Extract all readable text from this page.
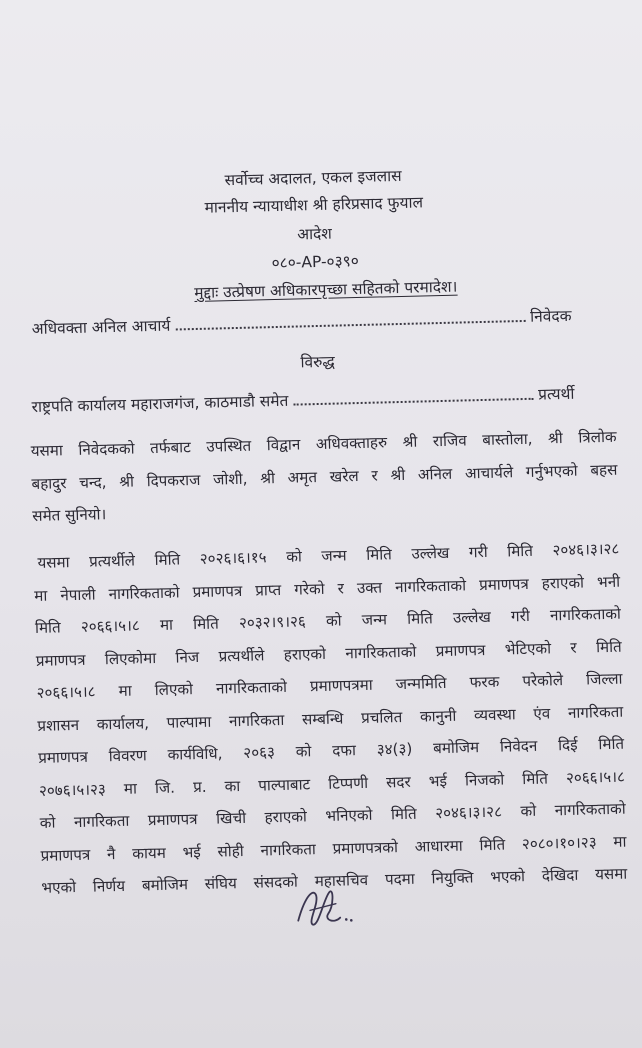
सर्वोच्च अदालत, एकल इजलास
माननीय न्यायाधीश श्री हरिप्रसाद फुयाल
आदेश
०८०-AP-०३९०
मुद्दाः उत्प्रेषण अधिकारपृच्छा सहितको परमादेश।
अधिवक्ता अनिल आचार्य  निवेदक
विरुद्ध
राष्ट्रपति कार्यालय महाराजगंज, काठमाडौ समेत	प्रत्यर्थी
यसमा निवेदकको तर्फबाट उपस्थित विद्वान अधिवक्ताहरु श्री राजिव बास्तोला, श्री त्रिलोक
बहादुर चन्द, श्री दिपकराज जोशी, श्री अमृत खरेल र श्री अनिल आचार्यले गर्नुभएको बहस
समेत सुनियो।
यसमा प्रत्यर्थीले मिति २०२६।६।१५ को जन्म मिति उल्लेख गरी मिति २०४६।३।२८
मा नेपाली नागरिकताको प्रमाणपत्र प्राप्त गरेको र उक्त नागरिकताको प्रमाणपत्र हराएको भनी
मिति २०६६।५।८ मा मिति २०३२।९।२६ को जन्म मिति उल्लेख गरी नागरिकताको
प्रमाणपत्र लिएकोमा निज प्रत्यर्थीले हराएको नागरिकताको प्रमाणपत्र भेटिएको र मिति
२०६६।५।८ मा लिएको नागरिकताको प्रमाणपत्रमा जन्ममिति फरक परेकोले जिल्ला
प्रशासन कार्यालय, पाल्पामा नागरिकता सम्बन्धि प्रचलित कानुनी व्यवस्था एंव नागरिकता
प्रमाणपत्र विवरण कार्यविधि, २०६३ को दफा ३४(३) बमोजिम निवेदन दिई मिति
२०७६।५।२३ मा जि. प्र. का पाल्पाबाट टिप्पणी सदर भई निजको मिति २०६६।५।८
को नागरिकता प्रमाणपत्र खिची हराएको भनिएको मिति २०४६।३।२८ को नागरिकताको
प्रमाणपत्र नै कायम भई सोही नागरिकता प्रमाणपत्रको आधारमा मिति २०८०।१०।२३ मा
भएको निर्णय बमोजिम संघिय संसदको महासचिव पदमा नियुक्ति भएको देखिदा यसमा
